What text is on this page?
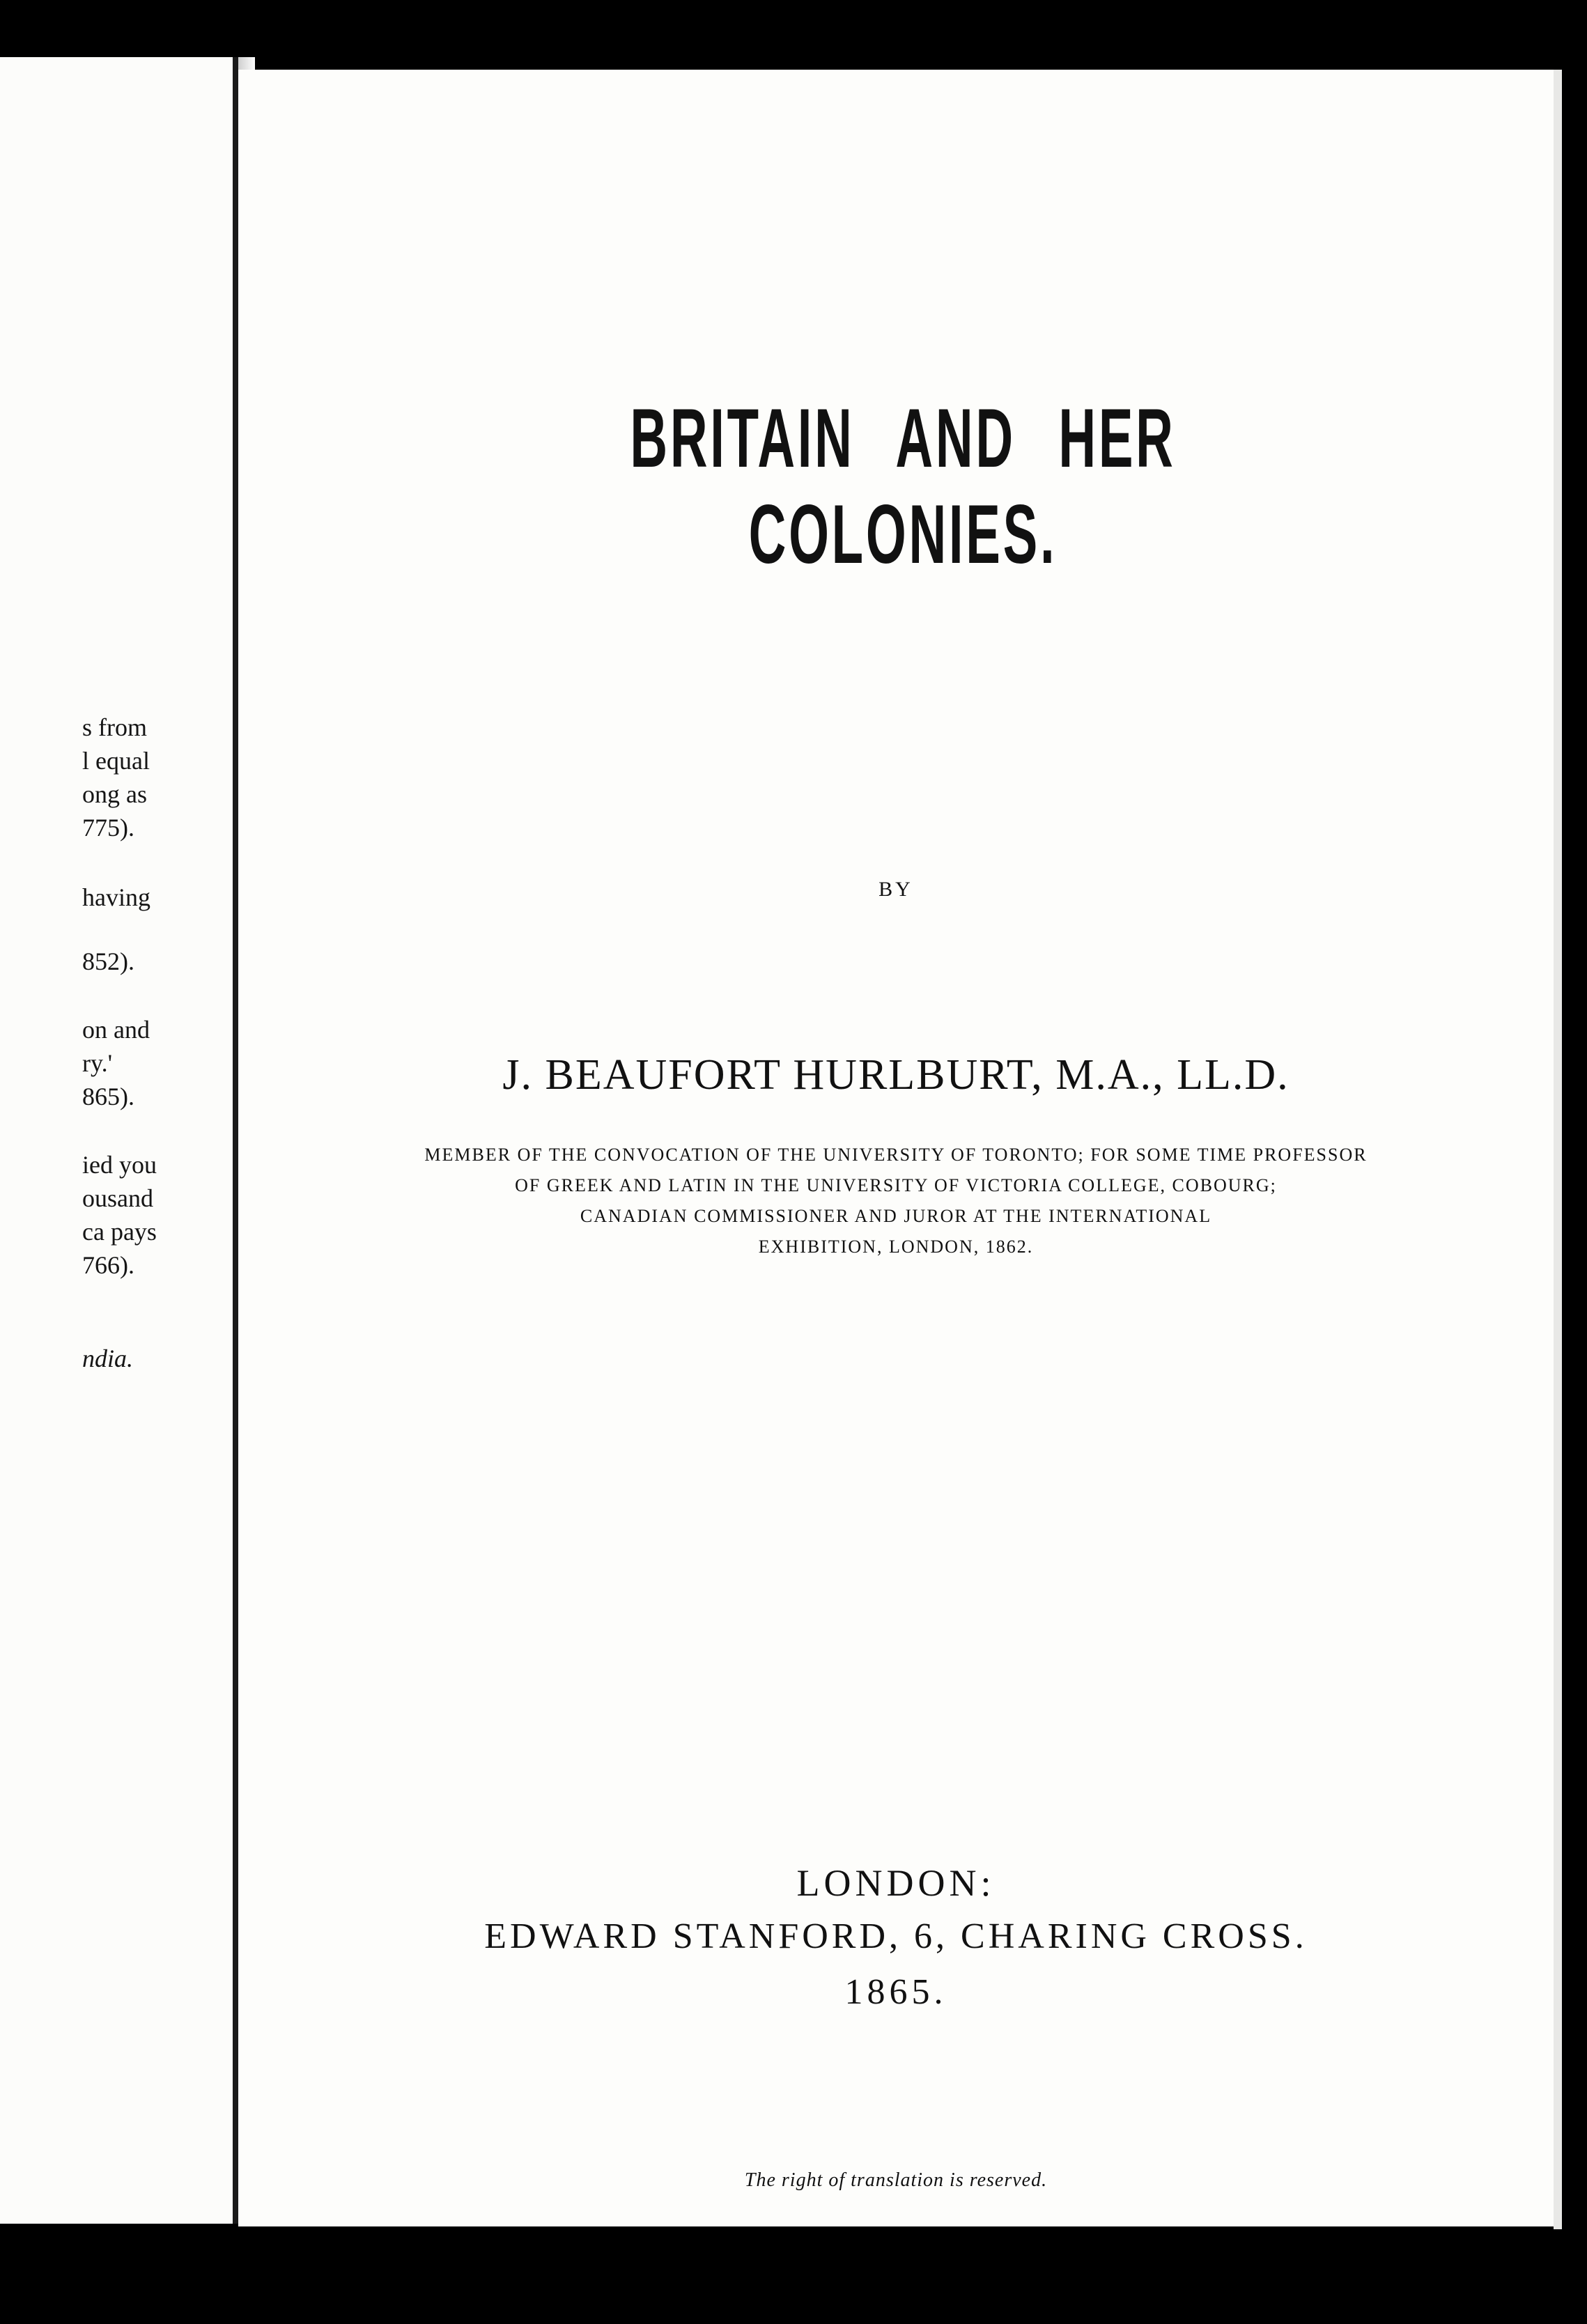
s from
l equal
ong as
775).
having
852).
on and
ry.'
865).
ied you
ousand
ca pays
766).
ndia.
BRITAIN AND HER COLONIES.
BY
J. BEAUFORT HURLBURT, M.A., LL.D.
MEMBER OF THE CONVOCATION OF THE UNIVERSITY OF TORONTO; FOR SOME TIME PROFESSOR
OF GREEK AND LATIN IN THE UNIVERSITY OF VICTORIA COLLEGE, COBOURG;
CANADIAN COMMISSIONER AND JUROR AT THE INTERNATIONAL
EXHIBITION, LONDON, 1862.
LONDON:
EDWARD STANFORD, 6, CHARING CROSS.
1865.
The right of translation is reserved.
